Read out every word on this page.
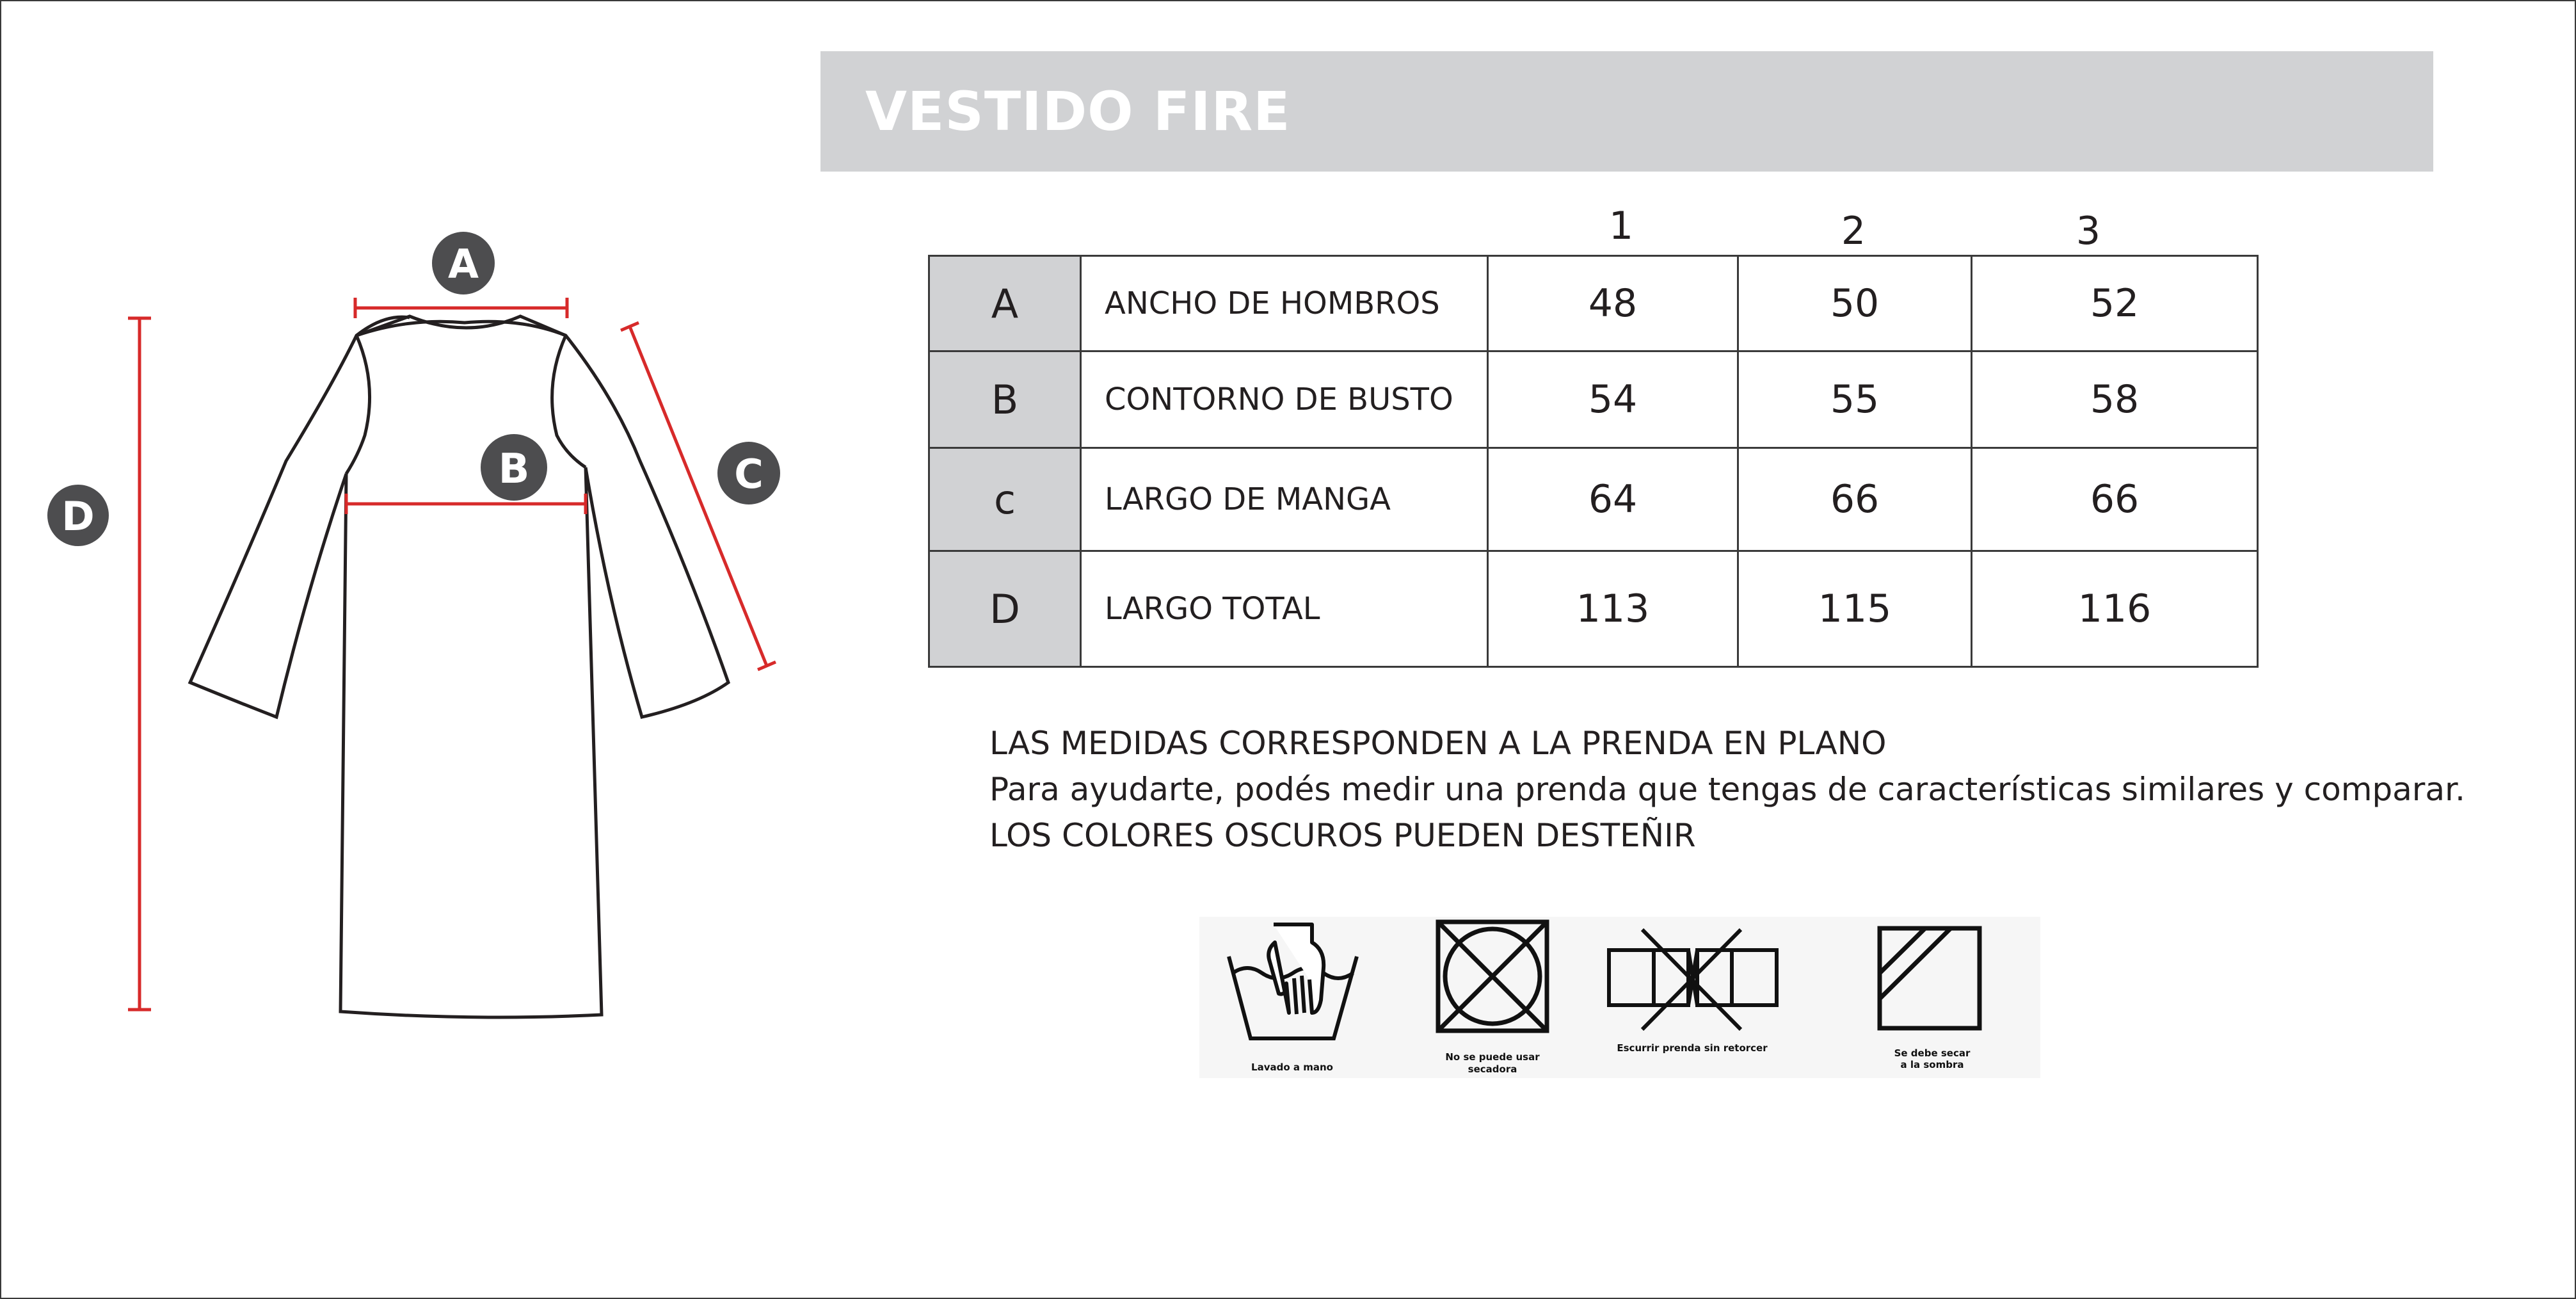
A
B	C
D
VESTIDO FIRE
1	2	3
A	ANCHO DE HOMBROS	48	50	52
B	CONTORNO DE BUSTO	54	55	58
c	LARGO DE MANGA	64	66	66
D	LARGO TOTAL	113	115	116
LAS MEDIDAS CORRESPONDEN A LA PRENDA EN PLANO
Para ayudarte, podés medir una prenda que tengas de características similares y comparar.
LOS COLORES OSCUROS PUEDEN DESTEÑIR
Lavado a mano
No se puede usar secadora
Escurrir prenda sin retorcer	Se debe secar
a la sombra
